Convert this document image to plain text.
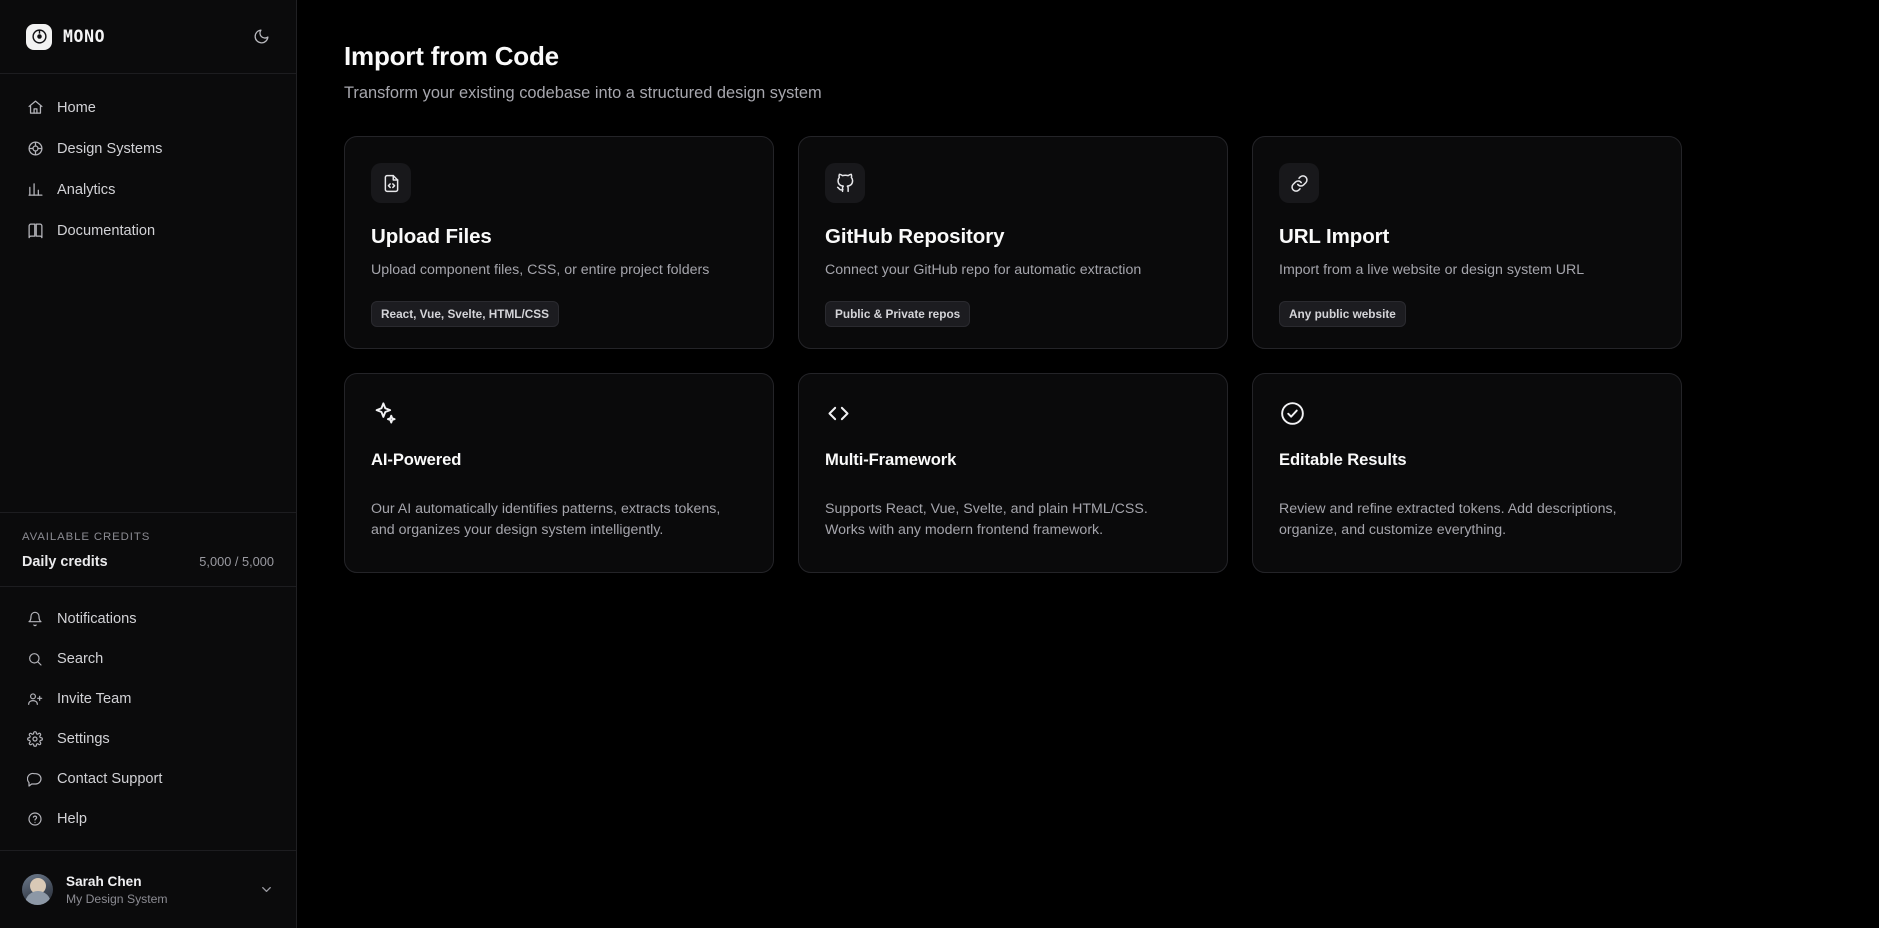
MONO
Home
Design Systems
Analytics
Documentation
AVAILABLE CREDITS
Daily credits	5,000 / 5,000
Notifications
Search
Invite Team
Settings
Contact Support
Help
Sarah Chen
My Design System
Import from Code

Transform your existing codebase into a structured design system

Upload Files
Upload component files, CSS, or entire project folders
React, Vue, Svelte, HTML/CSS
GitHub Repository
Connect your GitHub repo for automatic extraction
Public & Private repos
URL Import
Import from a live website or design system URL
Any public website
AI-Powered
Our AI automatically identifies patterns, extracts tokens, and organizes your design system intelligently.
Multi-Framework
Supports React, Vue, Svelte, and plain HTML/CSS. Works with any modern frontend framework.
Editable Results
Review and refine extracted tokens. Add descriptions, organize, and customize everything.
